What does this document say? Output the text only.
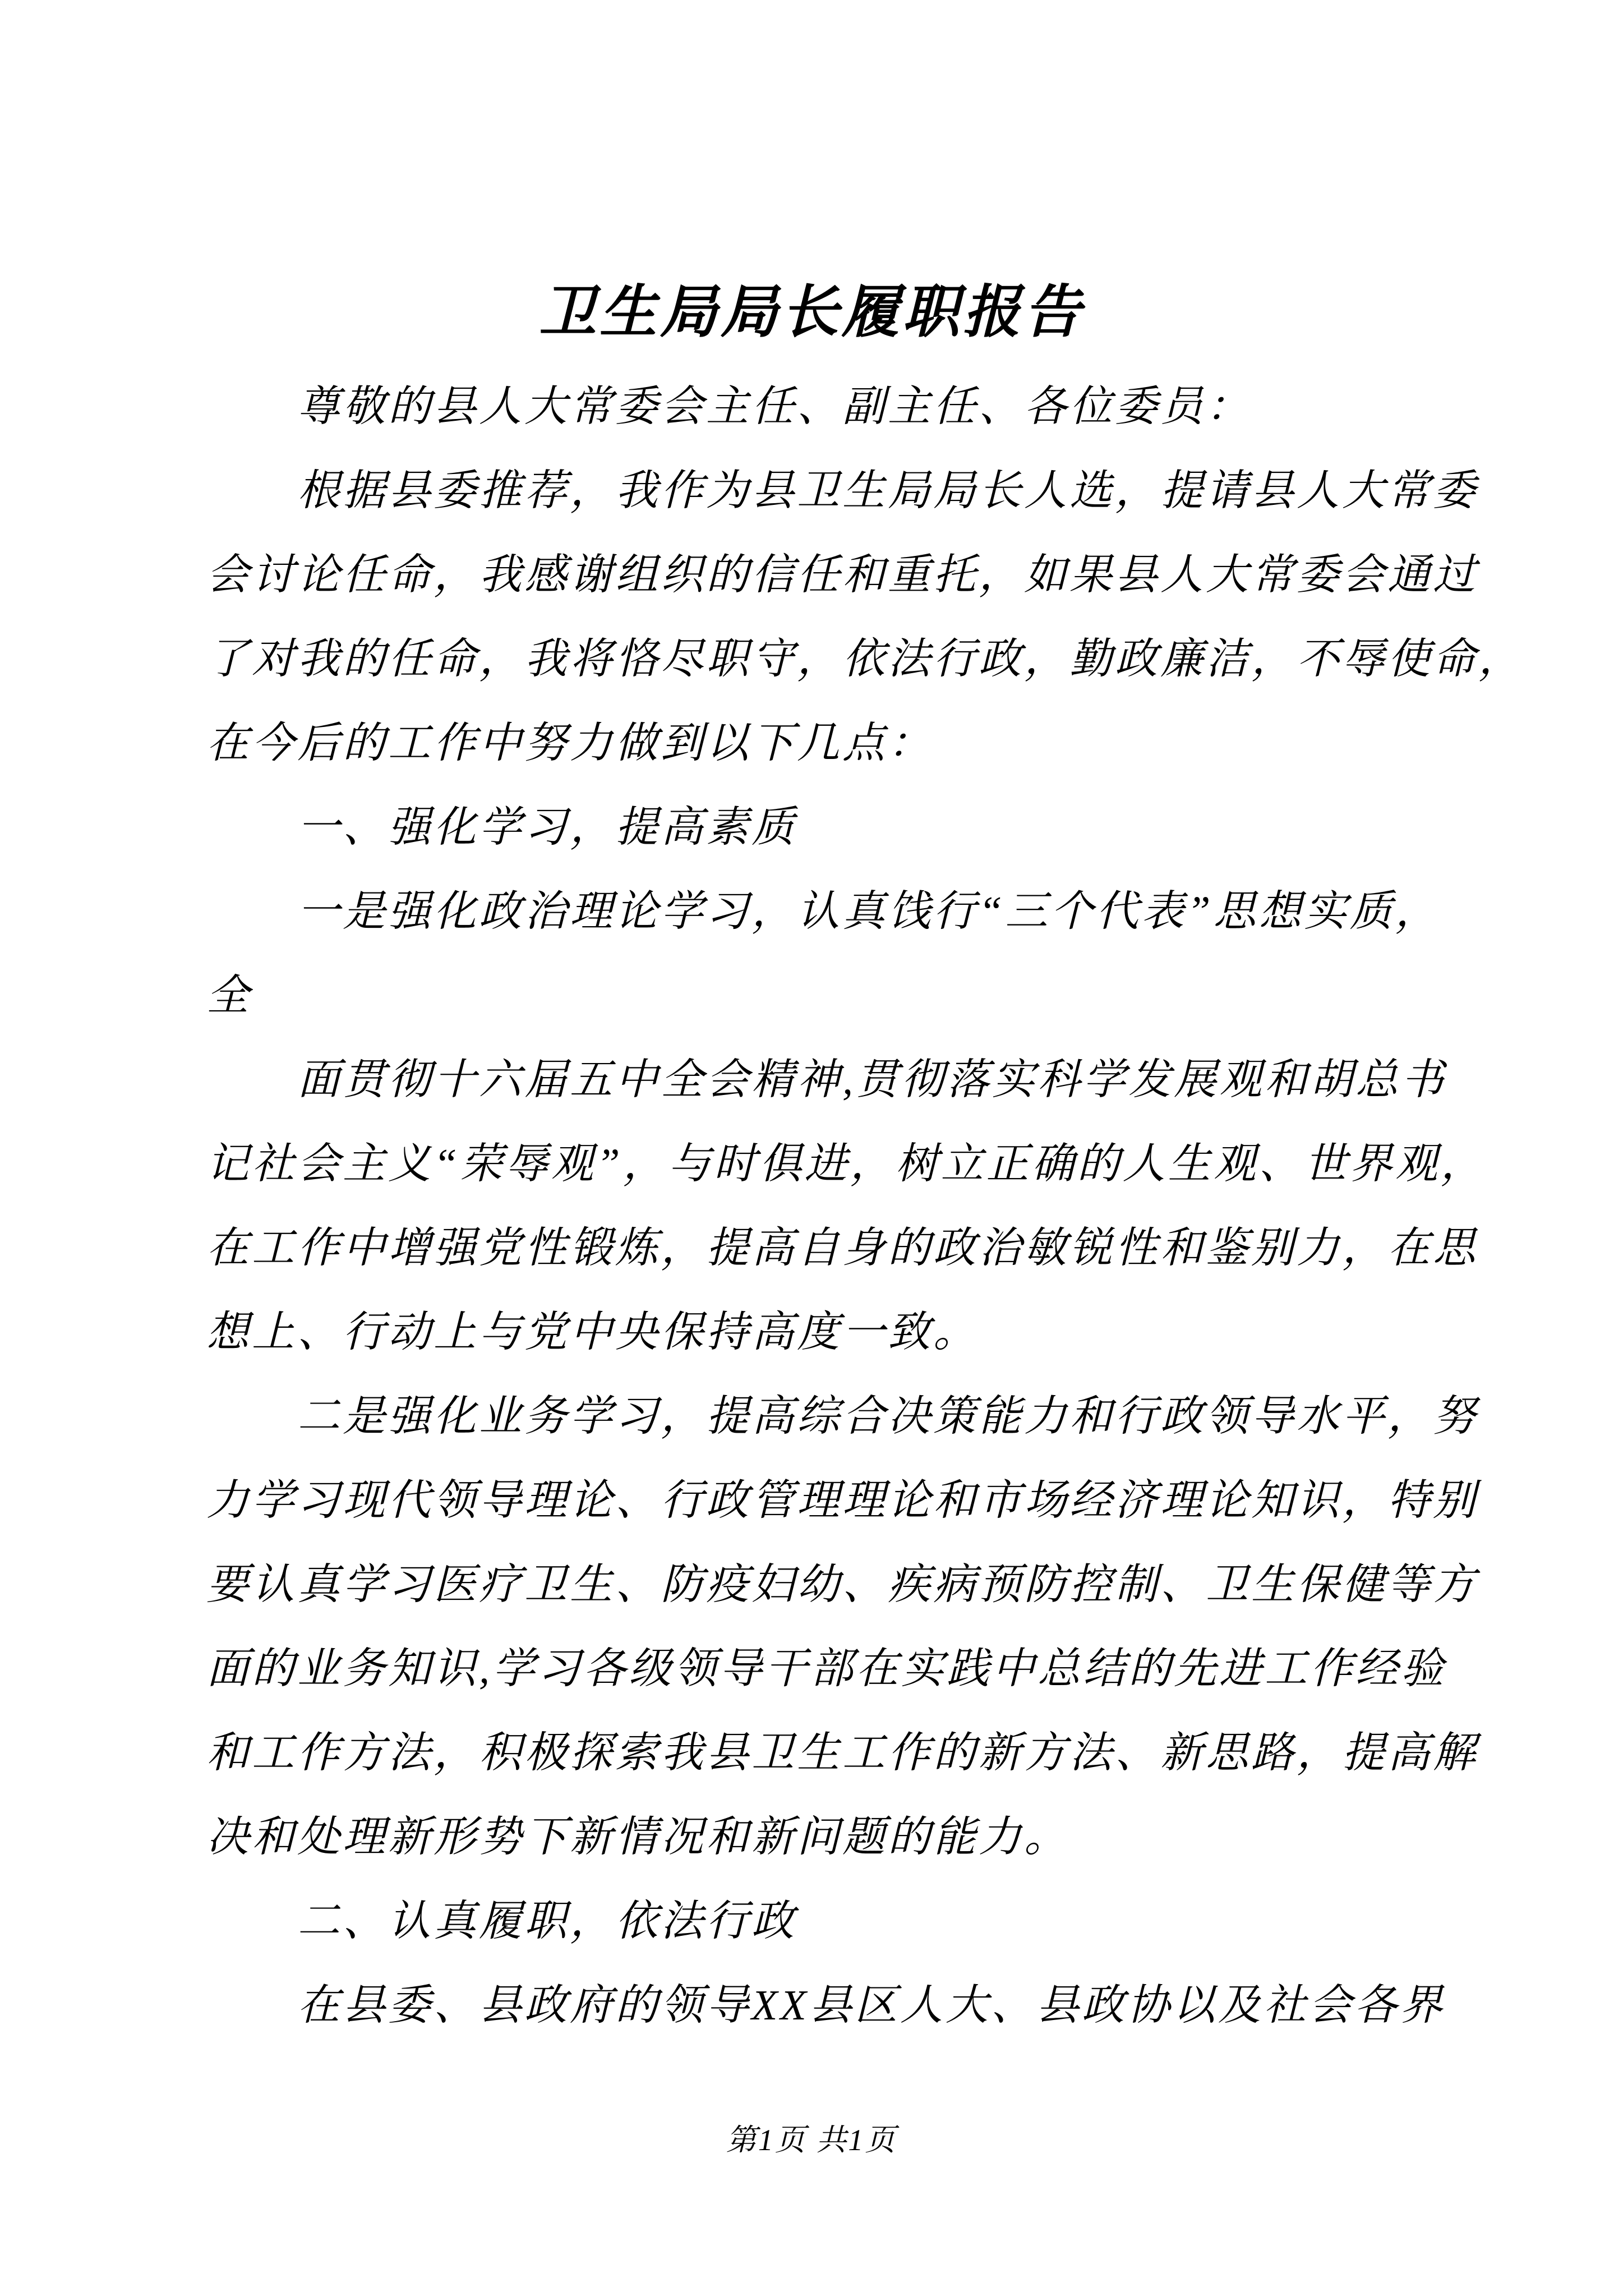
卫生局局长履职报告
尊敬的县人大常委会主任、副主任、各位委员：
根据县委推荐，我作为县卫生局局长人选，提请县人大常委
会讨论任命，我感谢组织的信任和重托，如果县人大常委会通过
了对我的任命，我将恪尽职守，依法行政，勤政廉洁，不辱使命，
在今后的工作中努力做到以下几点：
一、强化学习，提高素质
一是强化政治理论学习，认真饯行“三个代表”思想实质，
全
面贯彻十六届五中全会精神,贯彻落实科学发展观和胡总书
记社会主义“荣辱观”，与时俱进，树立正确的人生观、世界观，
在工作中增强党性锻炼，提高自身的政治敏锐性和鉴别力，在思
想上、行动上与党中央保持高度一致。
二是强化业务学习，提高综合决策能力和行政领导水平，努
力学习现代领导理论、行政管理理论和市场经济理论知识，特别
要认真学习医疗卫生、防疫妇幼、疾病预防控制、卫生保健等方
面的业务知识,学习各级领导干部在实践中总结的先进工作经验
和工作方法，积极探索我县卫生工作的新方法、新思路，提高解
决和处理新形势下新情况和新问题的能力。
二、认真履职，依法行政
在县委、县政府的领导XX县区人大、县政协以及社会各界
第1页 共1页
